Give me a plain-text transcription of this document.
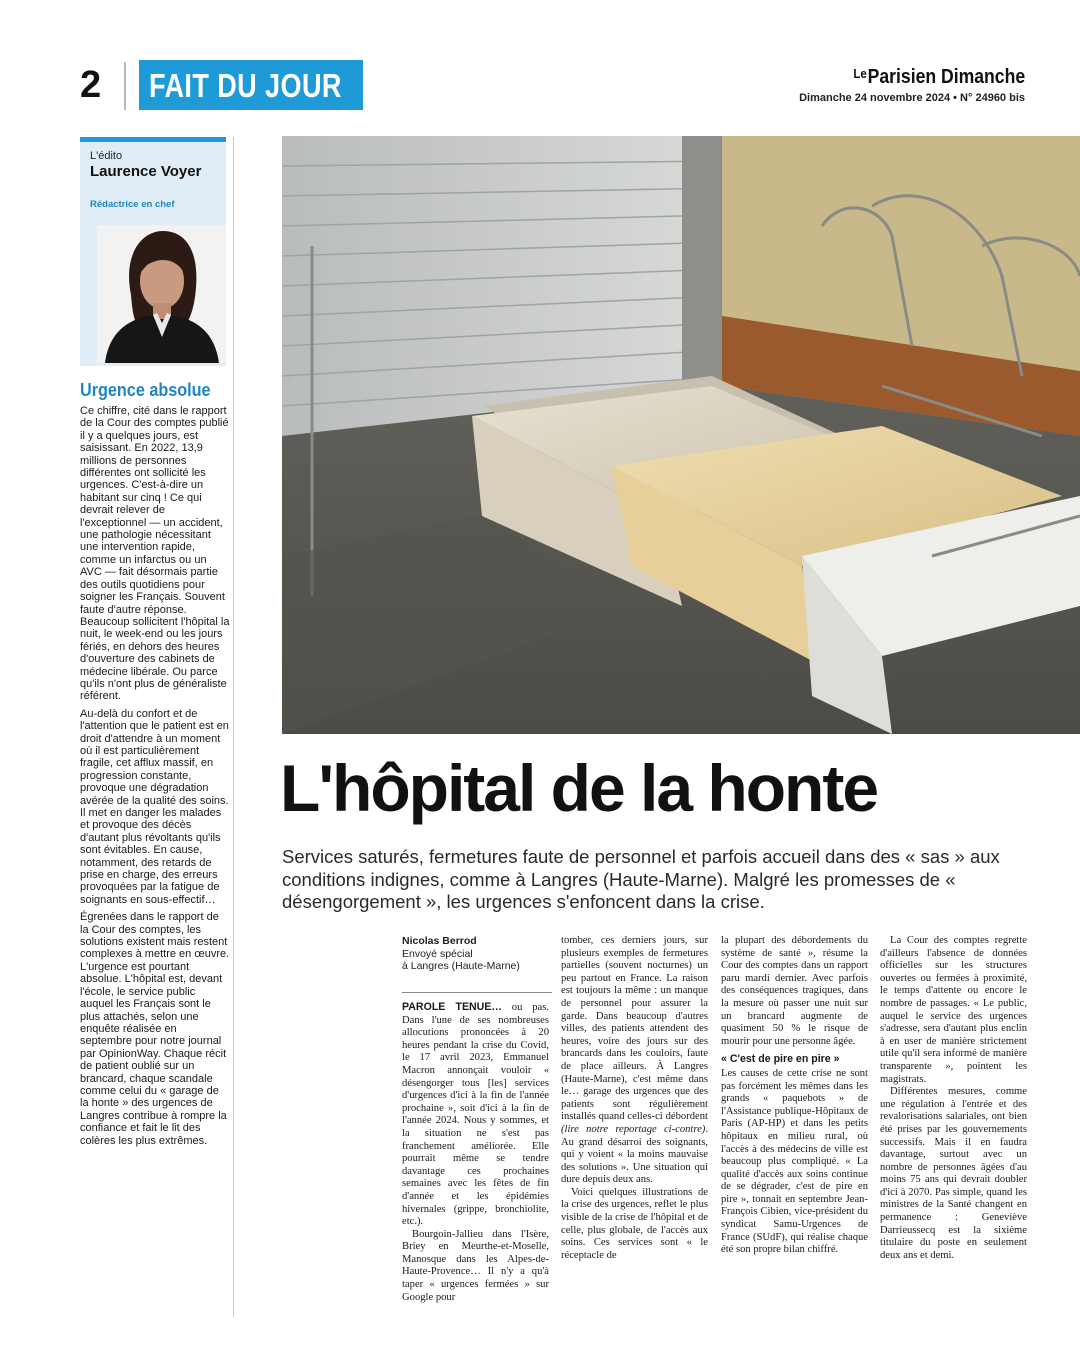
2 FAIT DU JOUR	$^{Le}$Parisien Dimanche
Dimanche 24 novembre 2024 • N° 24960 bis
L'édito
Laurence Voyer
Rédactrice en chef
Urgence absolue

Ce chiffre, cité dans le rapport de la Cour des comptes publié il y a quelques jours, est saisissant. En 2022, 13,9 millions de personnes différentes ont sollicité les urgences. C'est-à-dire un habitant sur cinq ! Ce qui devrait relever de l'exceptionnel — un accident, une pathologie nécessitant une intervention rapide, comme un infarctus ou un AVC — fait désormais partie des outils quotidiens pour soigner les Français. Souvent faute d'autre réponse. Beaucoup sollicitent l'hôpital la nuit, le week-end ou les jours fériés, en dehors des heures d'ouverture des cabinets de médecine libérale. Ou parce qu'ils n'ont plus de généraliste référent.

Au-delà du confort et de l'attention que le patient est en droit d'attendre à un moment où il est particulièrement fragile, cet afflux massif, en progression constante, provoque une dégradation avérée de la qualité des soins. Il met en danger les malades et provoque des décès d'autant plus révoltants qu'ils sont évitables. En cause, notamment, des retards de prise en charge, des erreurs provoquées par la fatigue de soignants en sous-effectif…

Égrenées dans le rapport de la Cour des comptes, les solutions existent mais restent complexes à mettre en œuvre. L'urgence est pourtant absolue. L'hôpital est, devant l'école, le service public auquel les Français sont le plus attachés, selon une enquête réalisée en septembre pour notre journal par OpinionWay. Chaque récit de patient oublié sur un brancard, chaque scandale comme celui du « garage de la honte » des urgences de Langres contribue à rompre la confiance et fait le lit des colères les plus extrêmes.

L'hôpital de la honte
Services saturés, fermetures faute de personnel et parfois accueil dans des « sas » aux conditions indignes, comme à Langres (Haute-Marne). Malgré les promesses de « désengorgement », les urgences s'enfoncent dans la crise.
Nicolas Berrod
Envoyé spécial
à Langres (Haute-Marne)

PAROLE TENUE… ou pas. Dans l'une de ses nombreuses allocutions prononcées à 20 heures pendant la crise du Covid, le 17 avril 2023, Emmanuel Macron annonçait vouloir « désengorger tous [les] services d'urgences d'ici à la fin de l'année prochaine », soit d'ici à la fin de l'année 2024. Nous y sommes, et la situation ne s'est pas franchement améliorée. Elle pourrait même se tendre davantage ces prochaines semaines avec les fêtes de fin d'année et les épidémies hivernales (grippe, bronchiolite, etc.).

Bourgoin-Jallieu dans l'Isère, Briey en Meurthe-et-Moselle, Manosque dans les Alpes-de-Haute-Provence… Il n'y a qu'à taper « urgences fermées » sur Google pour

tomber, ces derniers jours, sur plusieurs exemples de fermetures partielles (souvent nocturnes) un peu partout en France. La raison est toujours la même : un manque de personnel pour assurer la garde. Dans beaucoup d'autres villes, des patients attendent des heures, voire des jours sur des brancards dans les couloirs, faute de place ailleurs. À Langres (Haute-Marne), c'est même dans le… garage des urgences que des patients sont régulièrement installés quand celles-ci débordent (lire notre reportage ci-contre). Au grand désarroi des soignants, qui y voient « la moins mauvaise des solutions ». Une situation qui dure depuis deux ans.

Voici quelques illustrations de la crise des urgences, reflet le plus visible de la crise de l'hôpital et de celle, plus globale, de l'accès aux soins. Ces services sont « le réceptacle de

la plupart des débordements du système de santé », résume la Cour des comptes dans un rapport paru mardi dernier. Avec parfois des conséquences tragiques, dans la mesure où passer une nuit sur un brancard augmente de quasiment 50 % le risque de mourir pour une personne âgée.

« C'est de pire en pire »

Les causes de cette crise ne sont pas forcément les mêmes dans les grands « paquebots » de l'Assistance publique-Hôpitaux de Paris (AP-HP) et dans les petits hôpitaux en milieu rural, où l'accès à des médecins de ville est beaucoup plus compliqué. « La qualité d'accès aux soins continue de se dégrader, c'est de pire en pire », tonnait en septembre Jean-François Cibien, vice-président du syndicat Samu-Urgences de France (SUdF), qui réalise chaque été son propre bilan chiffré.

La Cour des comptes regrette d'ailleurs l'absence de données officielles sur les structures ouvertes ou fermées à proximité, le temps d'attente ou encore le nombre de passages. « Le public, auquel le service des urgences s'adresse, sera d'autant plus enclin à en user de manière strictement utile qu'il sera informé de manière transparente », pointent les magistrats.

Différentes mesures, comme une régulation à l'entrée et des revalorisations salariales, ont bien été prises par les gouvernements successifs. Mais il en faudra davantage, surtout avec un nombre de personnes âgées d'au moins 75 ans qui devrait doubler d'ici à 2070. Pas simple, quand les ministres de la Santé changent en permanence : Geneviève Darrieussecq est la sixième titulaire du poste en seulement deux ans et demi.
